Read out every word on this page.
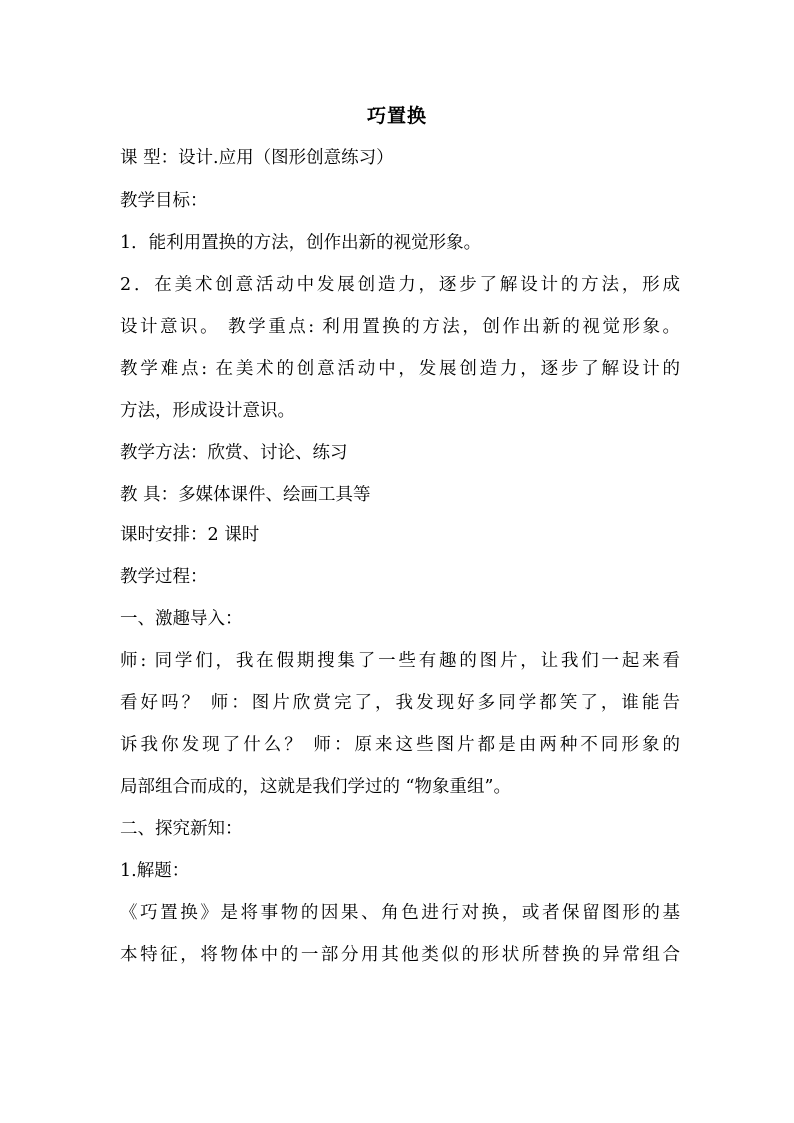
巧置换
课 型：设计.应用（图形创意练习）
教学目标：
1．能利用置换的方法，创作出新的视觉形象。
2．在美术创意活动中发展创造力，逐步了解设计的方法，形成
设计意识。 教学重点: 利用置换的方法，创作出新的视觉形象。
教学难点: 在美术的创意活动中，发展创造力，逐步了解设计的
方法，形成设计意识。
教学方法：欣赏、讨论、练习
教 具：多媒体课件、绘画工具等
课时安排：2 课时
教学过程：
一、激趣导入：
师: 同学们，我在假期搜集了一些有趣的图片，让我们一起来看
看好吗？ 师：图片欣赏完了，我发现好多同学都笑了，谁能告
诉我你发现了什么？ 师：原来这些图片都是由两种不同形象的
局部组合而成的，这就是我们学过的 “物象重组”。
二、探究新知：
1.解题：
《巧置换》是将事物的因果、角色进行对换，或者保留图形的基
本特征，将物体中的一部分用其他类似的形状所替换的异常组合
